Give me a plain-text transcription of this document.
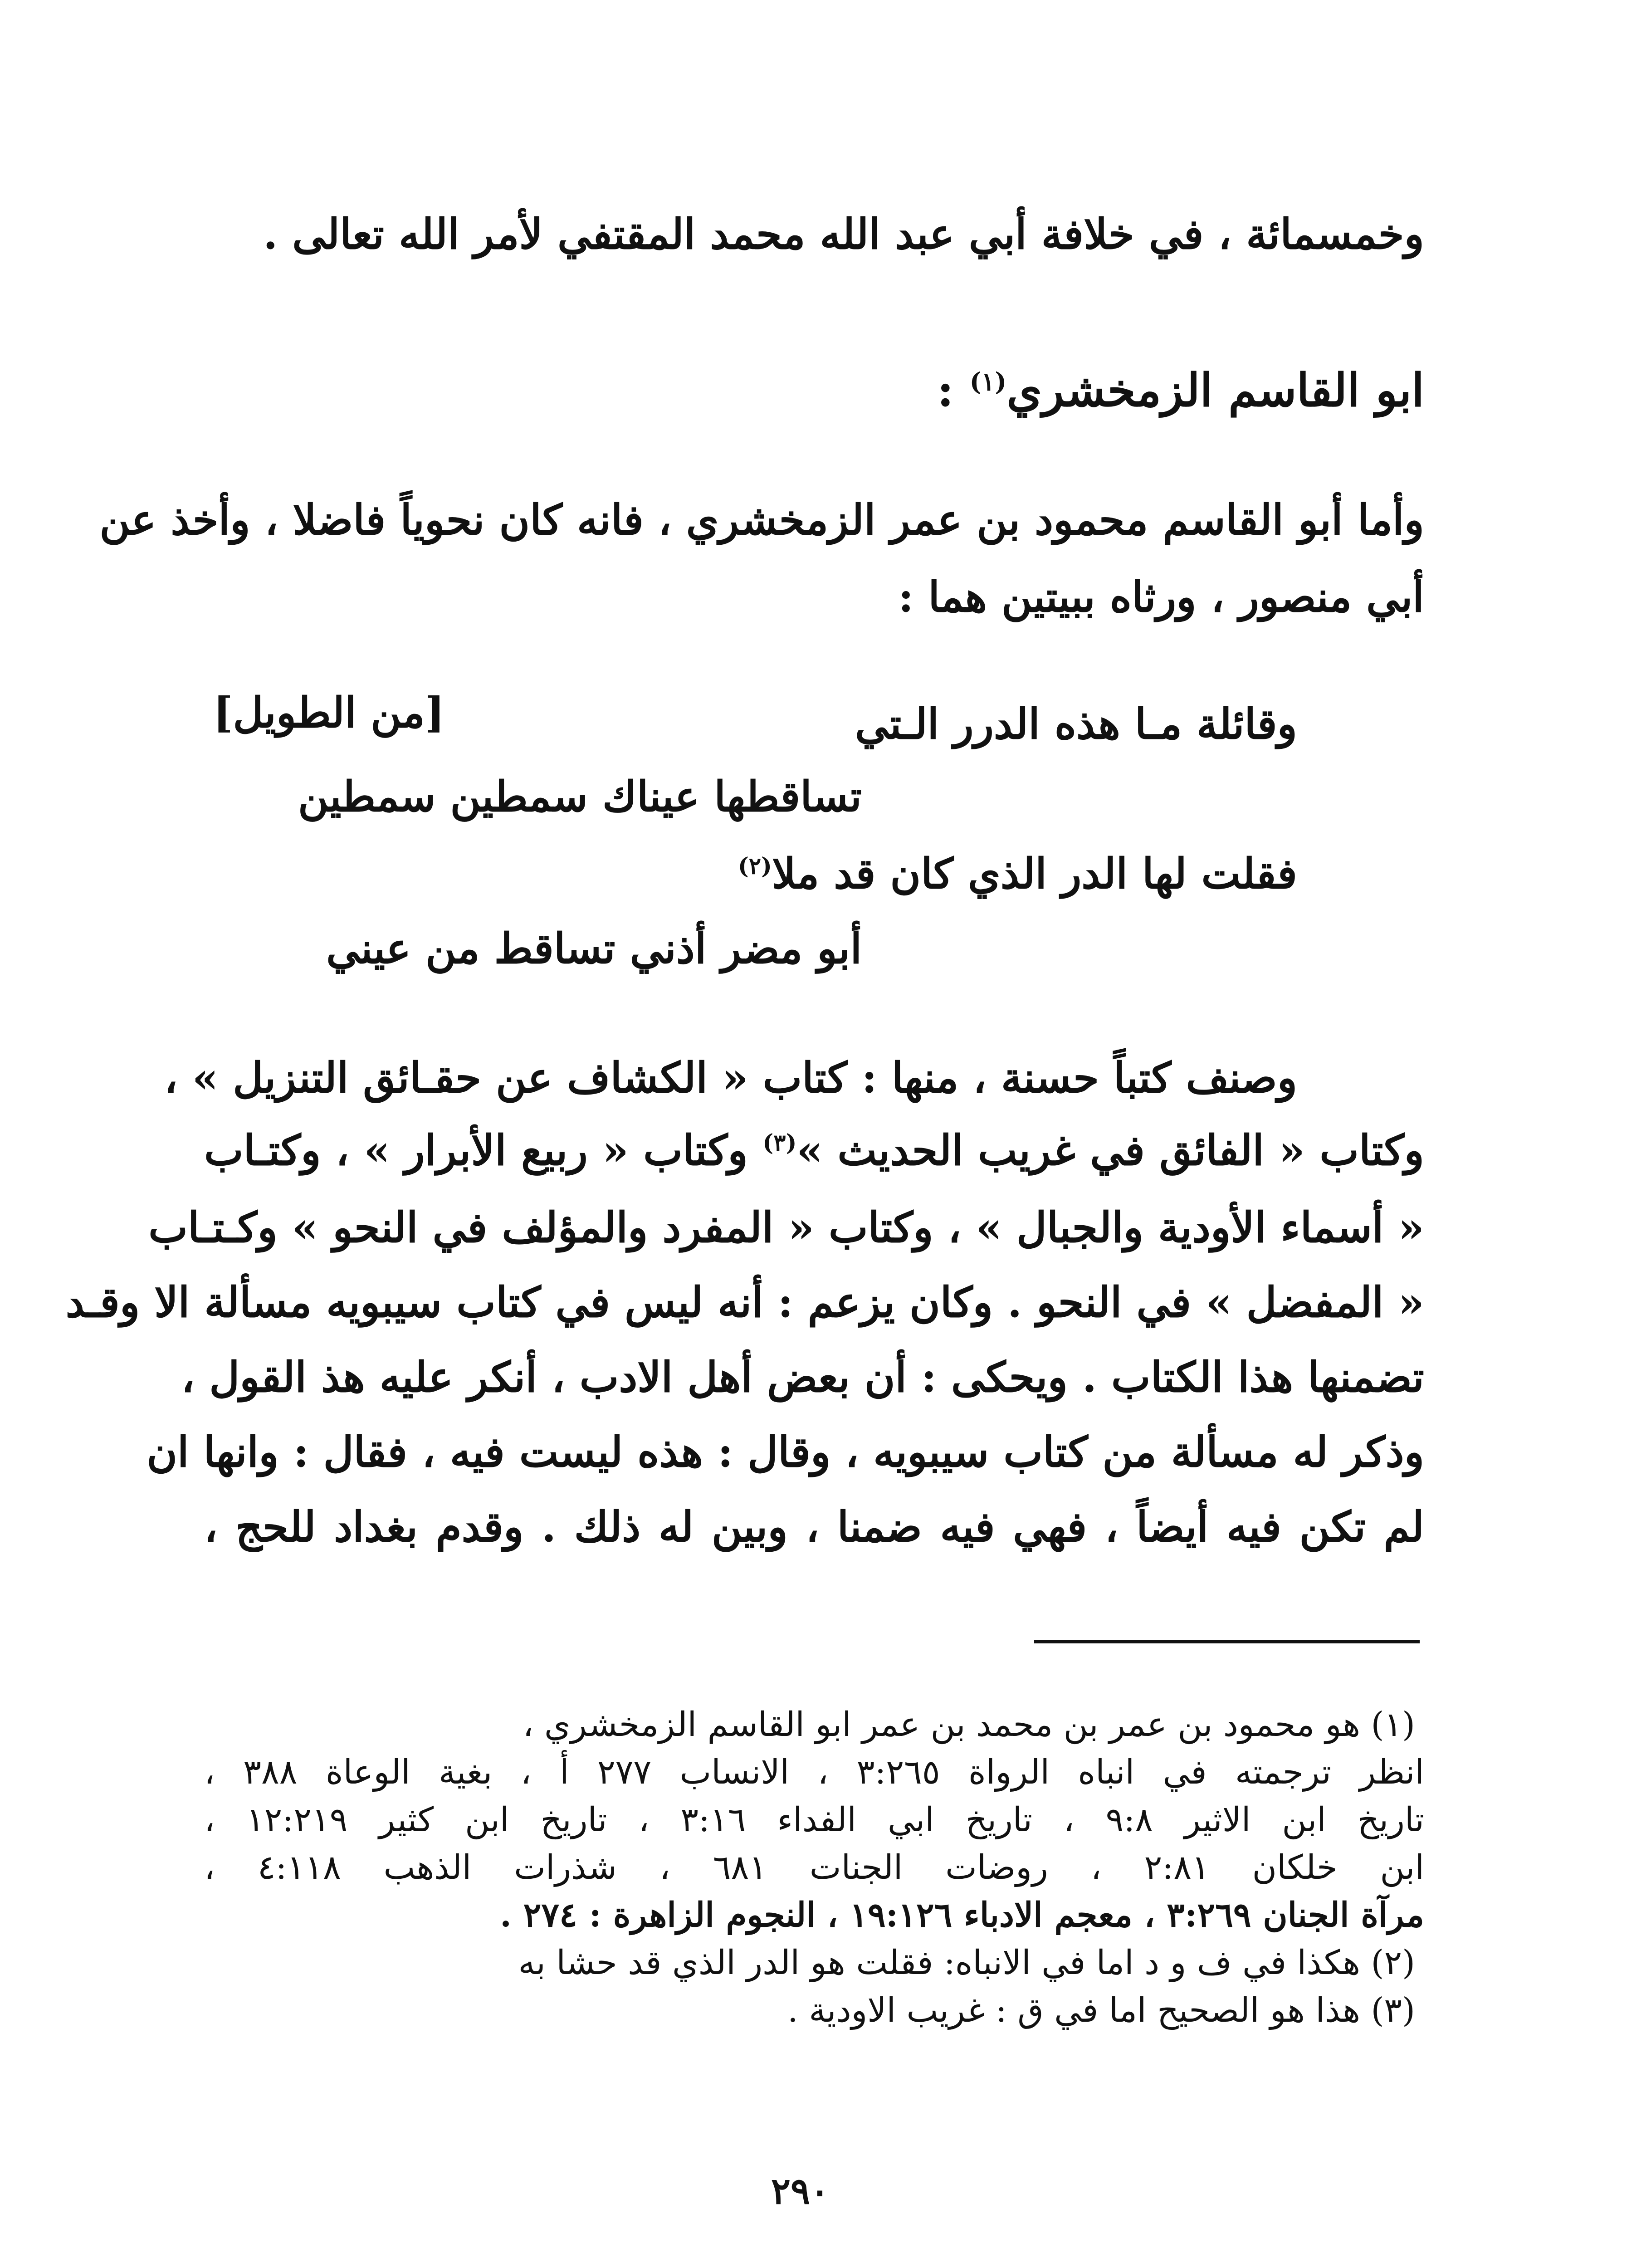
وخمسمائة ، في خلافة أبي عبد الله محمد المقتفي لأمر الله تعالى .
ابو القاسم الزمخشري$^{(١)}$ :
وأما أبو القاسم محمود بن عمر الزمخشري ، فانه كان نحوياً فاضلا ، وأخذ عن
أبي منصور ، ورثاه ببيتين هما :
وقائلة مـا هذه الدرر الـتي
[من الطويل]
تساقطها عيناك سمطين سمطين
فقلت لها الدر الذي كان قد ملا$^{(٢)}$
أبو مضر أذني تساقط من عيني
وصنف كتباً حسنة ، منها : كتاب « الكشاف عن حقـائق التنزيل » ،
وكتاب « الفائق في غريب الحديث »$^{(٣)}$ وكتاب « ربيع الأبرار » ، وكتـاب
« أسماء الأودية والجبال » ، وكتاب « المفرد والمؤلف في النحو » وكـتـاب
« المفضل » في النحو . وكان يزعم : أنه ليس في كتاب سيبويه مسألة الا وقـد
تضمنها هذا الكتاب . ويحكى : أن بعض أهل الادب ، أنكر عليه هذ القول ،
وذكر له مسألة من كتاب سيبويه ، وقال : هذه ليست فيه ، فقال : وانها ان
لم تكن فيه أيضاً ، فهي فيه ضمنا ، وبين له ذلك . وقدم بغداد للحج ،
(١) هو محمود بن عمر بن محمد بن عمر ابو القاسم الزمخشري ،
انظر ترجمته في انباه الرواة ٣:٢٦٥ ، الانساب ٢٧٧ أ ، بغية الوعاة ٣٨٨ ،
تاريخ ابن الاثير ٩:٨ ، تاريخ ابي الفداء ٣:١٦ ، تاريخ ابن كثير ١٢:٢١٩ ،
ابن خلكان ٢:٨١ ، روضات الجنات ٦٨١ ، شذرات الذهب ٤:١١٨ ،
مرآة الجنان ٣:٢٦٩ ، معجم الادباء ١٩:١٢٦ ، النجوم الزاهرة : ٢٧٤ .
(٢) هكذا في ف و د اما في الانباه: فقلت هو الدر الذي قد حشا به
(٣) هذا هو الصحيح اما في ق : غريب الاودية .
٢٩٠
